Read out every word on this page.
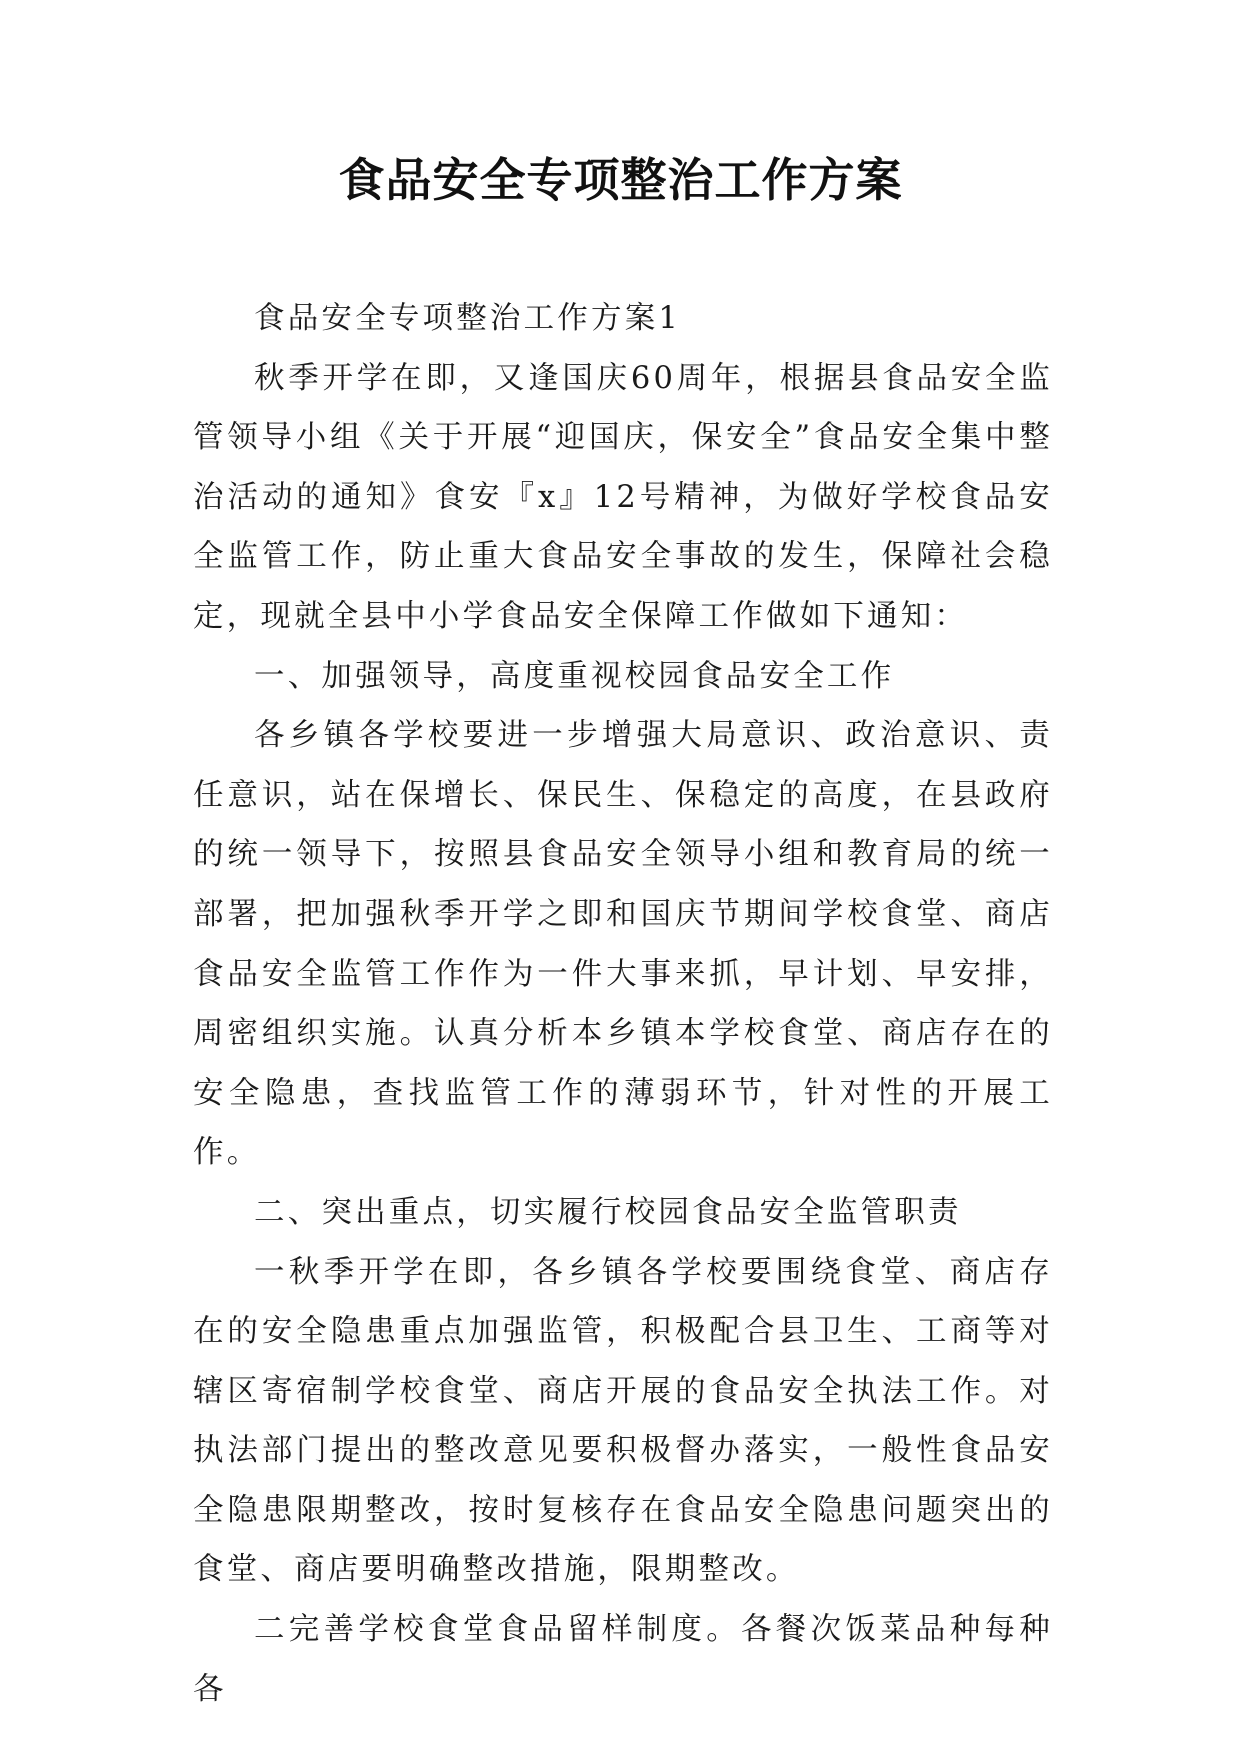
食品安全专项整治工作方案

食品安全专项整治工作方案1

秋季开学在即，又逢国庆60周年，根据县食品安全监管领导小组《关于开展“迎国庆，保安全”食品安全集中整治活动的通知》食安『x』12号精神，为做好学校食品安全监管工作，防止重大食品安全事故的发生，保障社会稳定，现就全县中小学食品安全保障工作做如下通知：

一、加强领导，高度重视校园食品安全工作

各乡镇各学校要进一步增强大局意识、政治意识、责任意识，站在保增长、保民生、保稳定的高度，在县政府的统一领导下，按照县食品安全领导小组和教育局的统一部署，把加强秋季开学之即和国庆节期间学校食堂、商店食品安全监管工作作为一件大事来抓，早计划、早安排，周密组织实施。认真分析本乡镇本学校食堂、商店存在的安全隐患，查找监管工作的薄弱环节，针对性的开展工作。

二、突出重点，切实履行校园食品安全监管职责

一秋季开学在即，各乡镇各学校要围绕食堂、商店存在的安全隐患重点加强监管，积极配合县卫生、工商等对辖区寄宿制学校食堂、商店开展的食品安全执法工作。对执法部门提出的整改意见要积极督办落实，一般性食品安全隐患限期整改，按时复核存在食品安全隐患问题突出的食堂、商店要明确整改措施，限期整改。

二完善学校食堂食品留样制度。各餐次饭菜品种每种各
